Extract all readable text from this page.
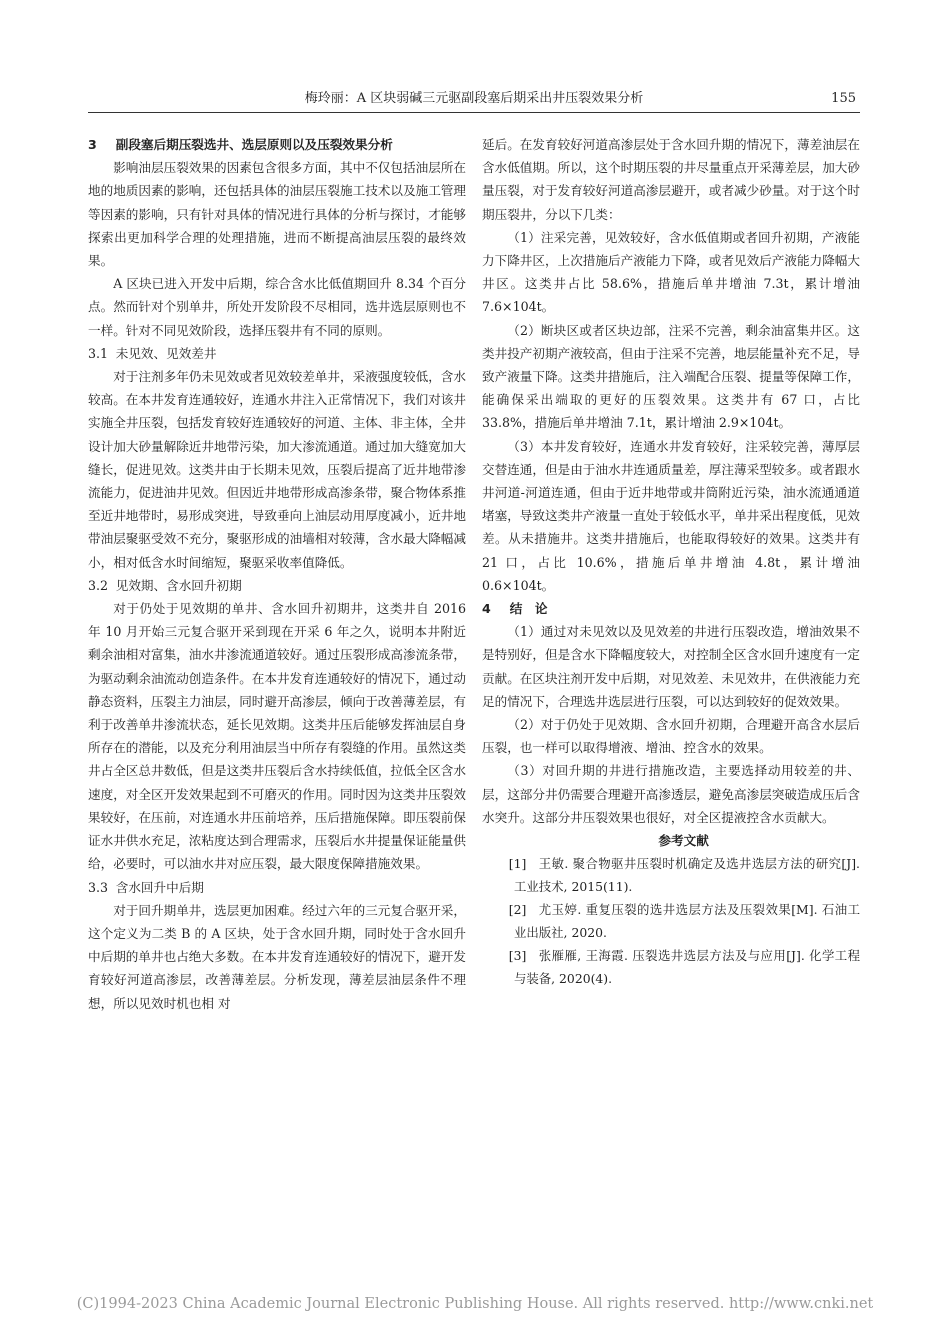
梅玲丽：A 区块弱碱三元驱副段塞后期采出井压裂效果分析	155

3 副段塞后期压裂选井、选层原则以及压裂效果分析

影响油层压裂效果的因素包含很多方面，其中不仅包括油层所在地的地质因素的影响，还包括具体的油层压裂施工技术以及施工管理等因素的影响，只有针对具体的情况进行具体的分析与探讨，才能够探索出更加科学合理的处理措施，进而不断提高油层压裂的最终效果。

A 区块已进入开发中后期，综合含水比低值期回升 8.34 个百分点。然而针对个别单井，所处开发阶段不尽相同，选井选层原则也不一样。针对不同见效阶段，选择压裂井有不同的原则。

3.1 未见效、见效差井

对于注剂多年仍未见效或者见效较差单井，采液强度较低，含水较高。在本井发育连通较好，连通水井注入正常情况下，我们对该井实施全井压裂，包括发育较好连通较好的河道、主体、非主体，全井设计加大砂量解除近井地带污染，加大渗流通道。通过加大缝宽加大缝长，促进见效。这类井由于长期未见效，压裂后提高了近井地带渗流能力，促进油井见效。但因近井地带形成高渗条带，聚合物体系推至近井地带时，易形成突进，导致垂向上油层动用厚度减小，近井地带油层聚驱受效不充分，聚驱形成的油墙相对较薄，含水最大降幅减小，相对低含水时间缩短，聚驱采收率值降低。

3.2 见效期、含水回升初期

对于仍处于见效期的单井、含水回升初期井，这类井自 2016 年 10 月开始三元复合驱开采到现在开采 6 年之久，说明本井附近剩余油相对富集，油水井渗流通道较好。通过压裂形成高渗流条带，为驱动剩余油流动创造条件。在本井发育连通较好的情况下，通过动静态资料，压裂主力油层，同时避开高渗层，倾向于改善薄差层，有利于改善单井渗流状态，延长见效期。这类井压后能够发挥油层自身所存在的潜能，以及充分利用油层当中所存有裂缝的作用。虽然这类井占全区总井数低，但是这类井压裂后含水持续低值，拉低全区含水速度，对全区开发效果起到不可磨灭的作用。同时因为这类井压裂效果较好，在压前，对连通水井压前培养，压后措施保障。即压裂前保证水井供水充足，浓粘度达到合理需求，压裂后水井提量保证能量供给，必要时，可以油水井对应压裂，最大限度保障措施效果。

3.3 含水回升中后期

对于回升期单井，选层更加困难。经过六年的三元复合驱开采，这个定义为二类 B 的 A 区块，处于含水回升期，同时处于含水回升中后期的单井也占绝大多数。在本井发育连通较好的情况下，避开发育较好河道高渗层，改善薄差层。分析发现，薄差层油层条件不理想，所以见效时机也相 对

延后。在发育较好河道高渗层处于含水回升期的情况下，薄差油层在含水低值期。所以，这个时期压裂的井尽量重点开采薄差层，加大砂量压裂，对于发育较好河道高渗层避开，或者减少砂量。对于这个时期压裂井，分以下几类：

（1）注采完善，见效较好，含水低值期或者回升初期，产液能力下降井区，上次措施后产液能力下降，或者见效后产液能力降幅大井区。这类井占比 58.6%，措施后单井增油 7.3t，累计增油 7.6×104t。

（2）断块区或者区块边部，注采不完善，剩余油富集井区。这类井投产初期产液较高，但由于注采不完善，地层能量补充不足，导致产液量下降。这类井措施后，注入端配合压裂、提量等保障工作，能确保采出端取的更好的压裂效果。这类井有 67 口，占比 33.8%，措施后单井增油 7.1t，累计增油 2.9×104t。

（3）本井发育较好，连通水井发育较好，注采较完善，薄厚层交替连通，但是由于油水井连通质量差，厚注薄采型较多。或者跟水井河道-河道连通，但由于近井地带或井筒附近污染，油水流通通道堵塞，导致这类井产液量一直处于较低水平，单井采出程度低，见效差。从未措施井。这类井措施后，也能取得较好的效果。这类井有 21 口，占比 10.6%，措施后单井增油 4.8t，累计增油 0.6×104t。

4 结　论

（1）通过对未见效以及见效差的井进行压裂改造，增油效果不是特别好，但是含水下降幅度较大，对控制全区含水回升速度有一定贡献。在区块注剂开发中后期，对见效差、未见效井，在供液能力充足的情况下，合理选井选层进行压裂，可以达到较好的促效效果。

（2）对于仍处于见效期、含水回升初期，合理避开高含水层后压裂，也一样可以取得增液、增油、控含水的效果。

（3）对回升期的井进行措施改造，主要选择动用较差的井、层，这部分井仍需要合理避开高渗透层，避免高渗层突破造成压后含水突升。这部分井压裂效果也很好，对全区提液控含水贡献大。

参考文献

[1] 王敏. 聚合物驱井压裂时机确定及选井选层方法的研究[J]. 工业技术, 2015(11).

[2] 尤玉婷. 重复压裂的选井选层方法及压裂效果[M]. 石油工业出版社, 2020.

[3] 张雁雁, 王海霞. 压裂选井选层方法及与应用[J]. 化学工程与装备, 2020(4).

(C)1994-2023 China Academic Journal Electronic Publishing House. All rights reserved. http://www.cnki.net
